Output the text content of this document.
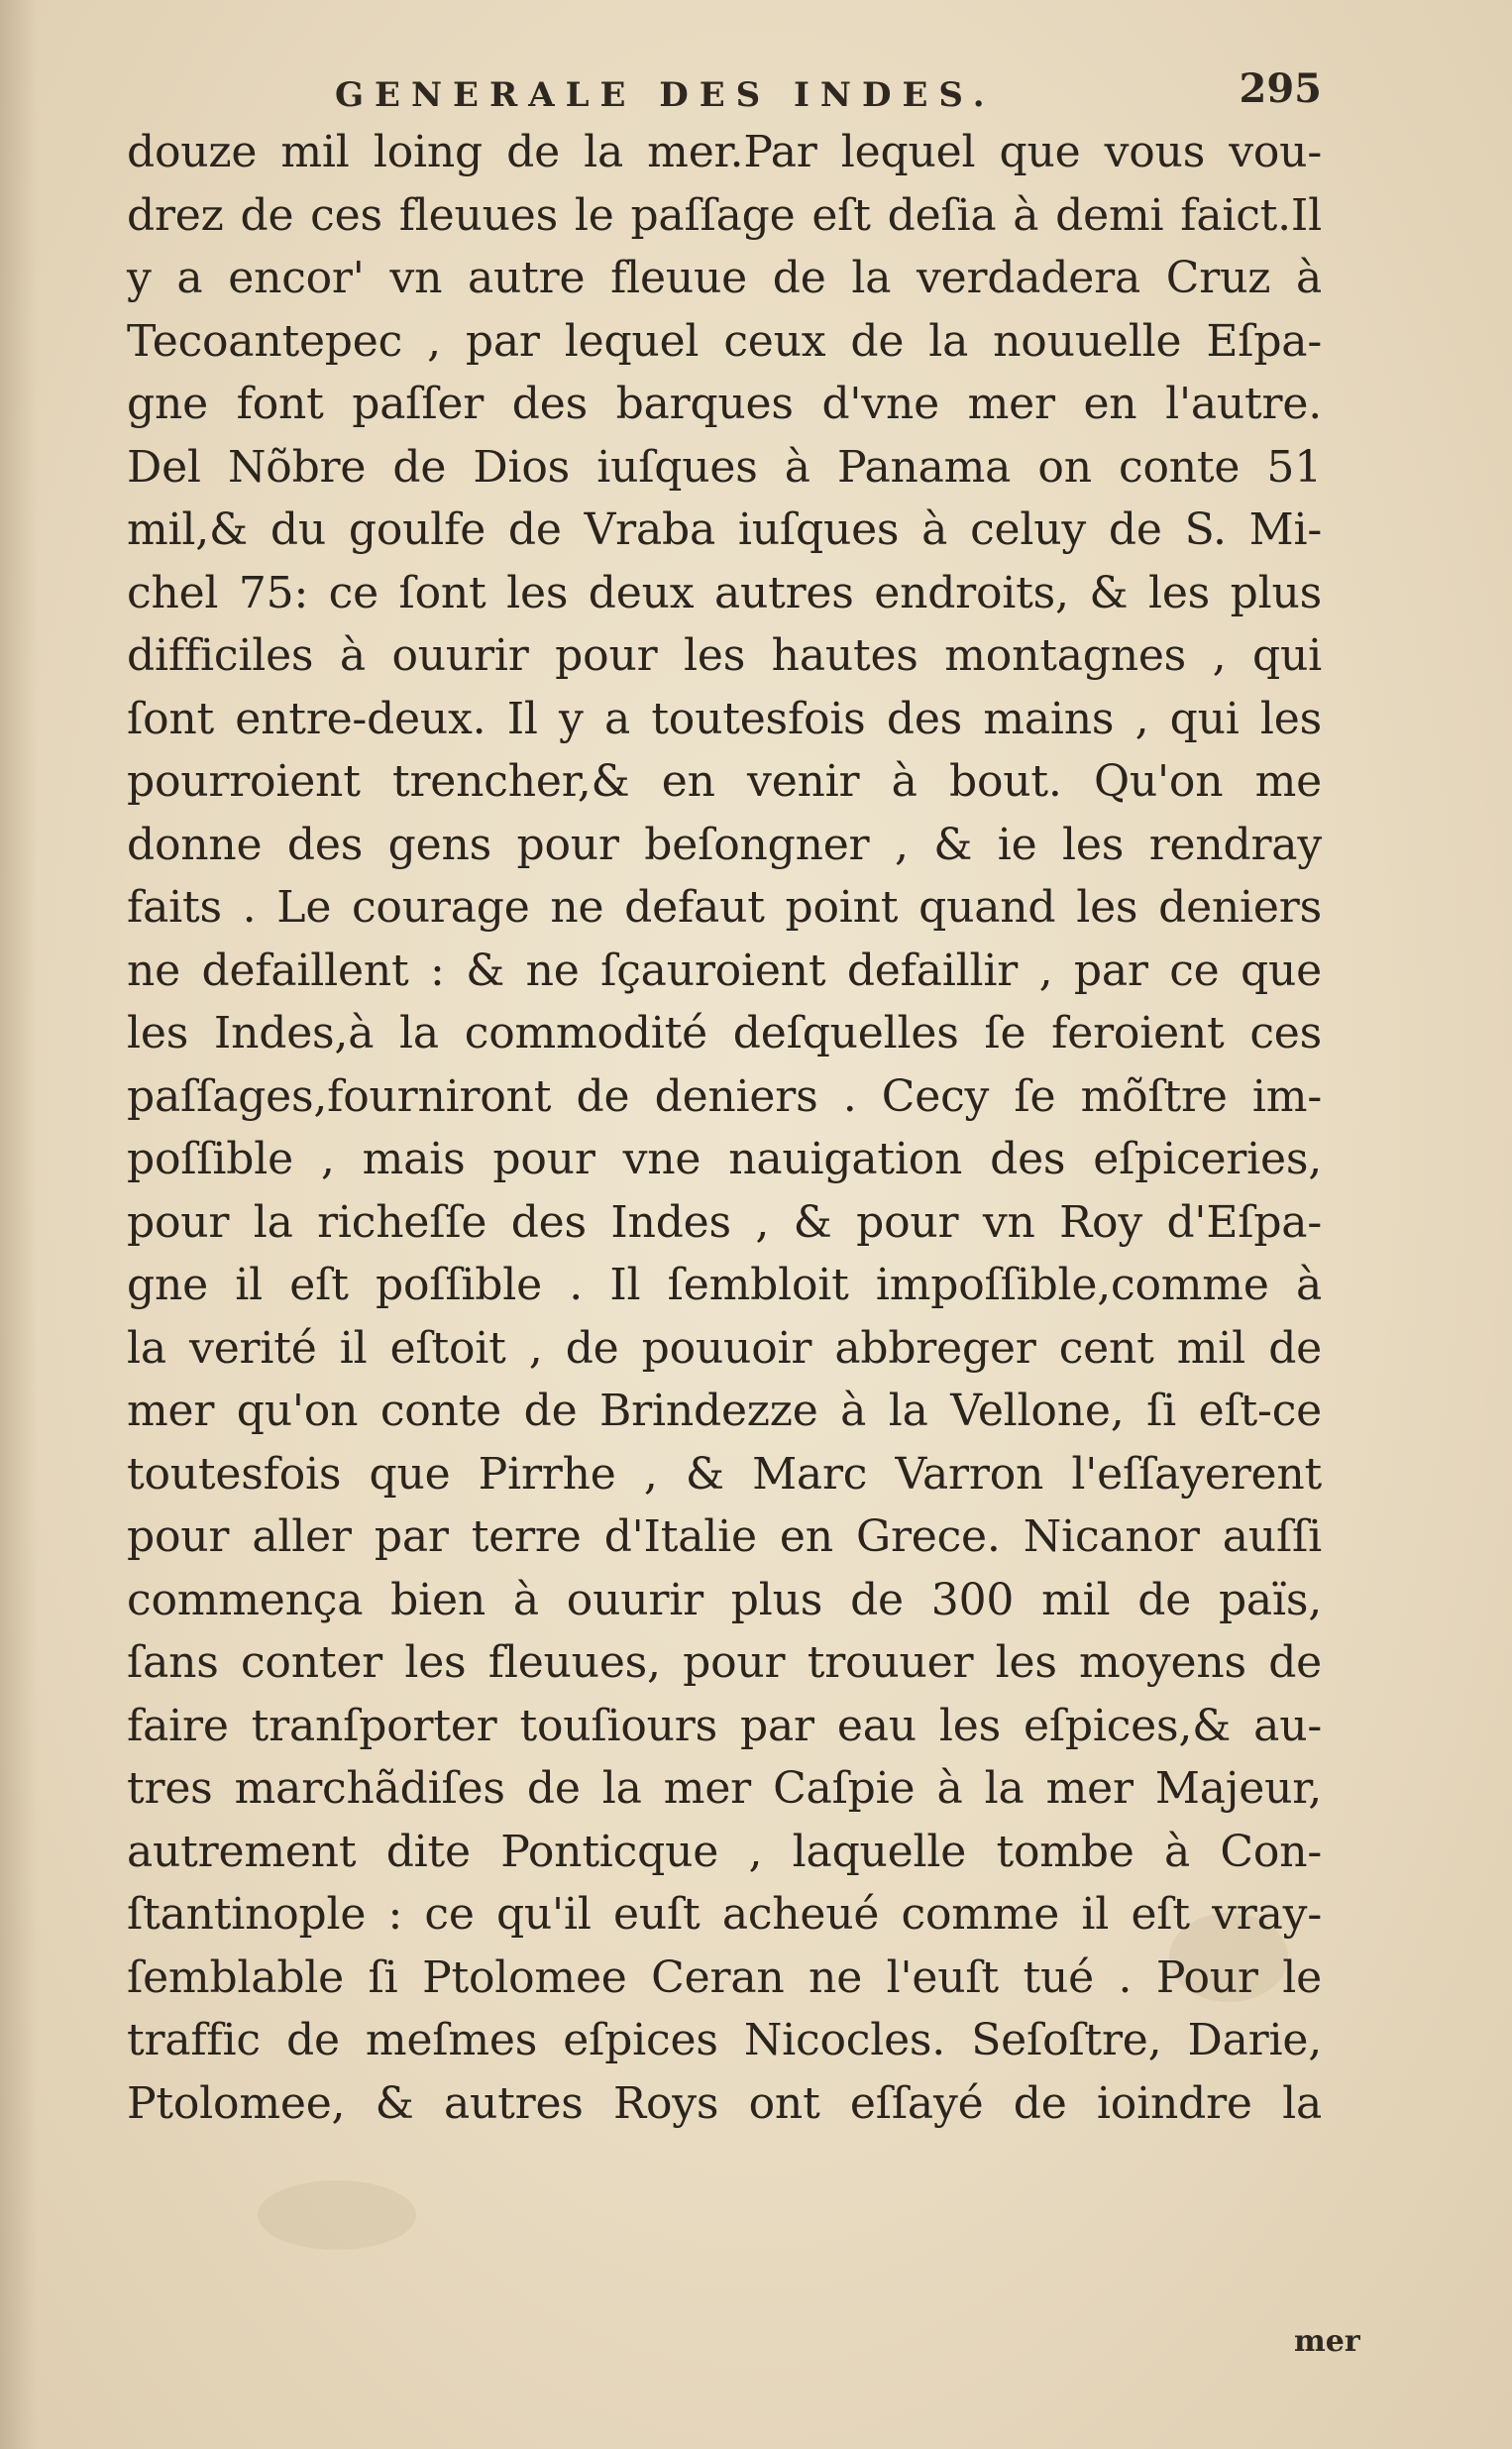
GENERALE DES INDES.	295
douze mil loing de la mer.Par lequel que vous vou-
drez de ces fleuues le paſſage eſt deſia à demi faict.Il
y a encor' vn autre fleuue de la verdadera Cruz à
Tecoantepec , par lequel ceux de la nouuelle Eſpa-
gne font paſſer des barques d'vne mer en l'autre.
Del Nõbre de Dios iuſques à Panama on conte 51
mil,& du goulfe de Vraba iuſques à celuy de S. Mi-
chel 75: ce ſont les deux autres endroits, & les plus
difficiles à ouurir pour les hautes montagnes , qui
ſont entre-deux. Il y a toutesfois des mains , qui les
pourroient trencher,& en venir à bout. Qu'on me
donne des gens pour beſongner , & ie les rendray
faits . Le courage ne defaut point quand les deniers
ne defaillent : & ne ſçauroient defaillir , par ce que
les Indes,à la commodité deſquelles ſe feroient ces
paſſages,fourniront de deniers . Cecy ſe mõſtre im-
poſſible , mais pour vne nauigation des eſpiceries,
pour la richeſſe des Indes , & pour vn Roy d'Eſpa-
gne il eſt poſſible . Il ſembloit impoſſible,comme à
la verité il eſtoit , de pouuoir abbreger cent mil de
mer qu'on conte de Brindezze à la Vellone, ſi eſt-ce
toutesfois que Pirrhe , & Marc Varron l'eſſayerent
pour aller par terre d'Italie en Grece. Nicanor auſſi
commença bien à ouurir plus de 300 mil de païs,
ſans conter les fleuues, pour trouuer les moyens de
faire tranſporter touſiours par eau les eſpices,& au-
tres marchãdiſes de la mer Caſpie à la mer Majeur,
autrement dite Ponticque , laquelle tombe à Con-
ſtantinople : ce qu'il euſt acheué comme il eſt vray-
ſemblable ſi Ptolomee Ceran ne l'euſt tué . Pour le
traffic de meſmes eſpices Nicocles. Seſoſtre, Darie,
Ptolomee, & autres Roys ont eſſayé de ioindre la
mer
